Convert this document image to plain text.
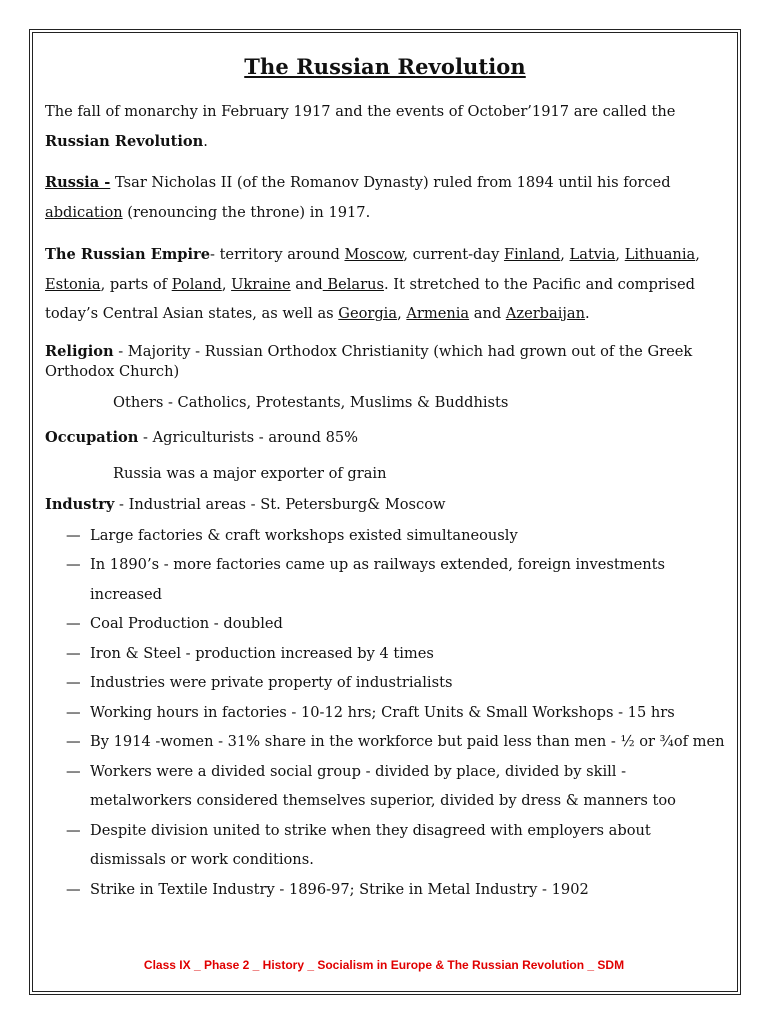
The Russian Revolution

The fall of monarchy in February 1917 and the events of October’1917 are called the Russian Revolution.

Russia - Tsar Nicholas II (of the Romanov Dynasty) ruled from 1894 until his forced abdication (renouncing the throne) in 1917.

The Russian Empire- territory around Moscow, current-day Finland, Latvia, Lithuania, Estonia, parts of Poland, Ukraine and Belarus. It stretched to the Pacific and comprised today’s Central Asian states, as well as Georgia, Armenia and Azerbaijan.

Religion - Majority - Russian Orthodox Christianity (which had grown out of the Greek Orthodox Church)

Others - Catholics, Protestants, Muslims & Buddhists

Occupation - Agriculturists - around 85%

Russia was a major exporter of grain

Industry - Industrial areas - St. Petersburg& Moscow

— Large factories & craft workshops existed simultaneously
— In 1890’s - more factories came up as railways extended, foreign investments increased
— Coal Production - doubled
— Iron & Steel - production increased by 4 times
— Industries were private property of industrialists
— Working hours in factories - 10-12 hrs; Craft Units & Small Workshops - 15 hrs
— By 1914 -women - 31% share in the workforce but paid less than men - ½ or ¾of men
— Workers were a divided social group - divided by place, divided by skill - metalworkers considered themselves superior, divided by dress & manners too
— Despite division united to strike when they disagreed with employers about dismissals or work conditions.
— Strike in Textile Industry - 1896-97; Strike in Metal Industry - 1902
Class IX _ Phase 2 _ History _ Socialism in Europe & The Russian Revolution _ SDM
